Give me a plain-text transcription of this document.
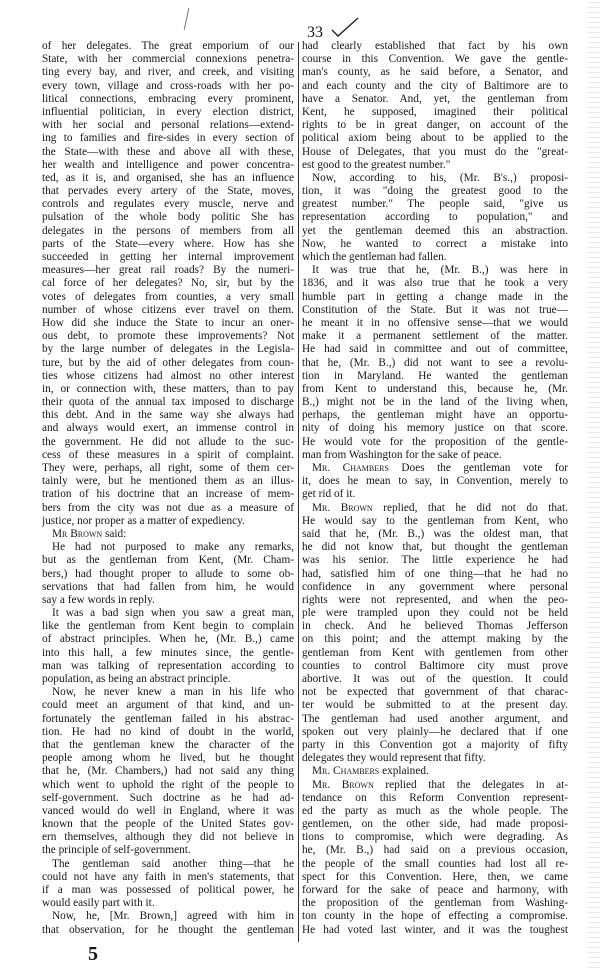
33
of her delegates. The great emporium of our
State, with her commercial connexions penetra-
ting every bay, and river, and creek, and visiting
every town, village and cross-roads with her po-
litical connections, embracing every prominent,
influential politician, in every election district,
with her social and personal relations—extend-
ing to families and fire-sides in every section of
the State—with these and above all with these,
her wealth and intelligence and power concentra-
ted, as it is, and organised, she has an influence
that pervades every artery of the State, moves,
controls and regulates every muscle, nerve and
pulsation of the whole body politic She has
delegates in the persons of members from all
parts of the State—every where. How has she
succeeded in getting her internal improvement
measures—her great rail roads? By the numeri-
cal force of her delegates? No, sir, but by the
votes of delegates from counties, a very small
number of whose citizens ever travel on them.
How did she induce the State to incur an oner-
ous debt, to promote these improvements? Not
by the large number of delegates in the Legisla-
ture, but by the aid of other delegates from coun-
ties whose citizens had almost no other interest
in, or connection with, these matters, than to pay
their quota of the annual tax imposed to discharge
this debt. And in the same way she always had
and always would exert, an immense control in
the government. He did not allude to the suc-
cess of these measures in a spirit of complaint.
They were, perhaps, all right, some of them cer-
tainly were, but he mentioned them as an illus-
tration of his doctrine that an increase of mem-
bers from the city was not due as a measure of
justice, nor proper as a matter of expediency.
Mr Brown said:
He had not purposed to make any remarks,
but as the gentleman from Kent, (Mr. Cham-
bers,) had thought proper to allude to some ob-
servations that had fallen from him, he would
say a few words in reply.
It was a bad sign when you saw a great man,
like the gentleman from Kent begin to complain
of abstract principles. When he, (Mr. B.,) came
into this hall, a few minutes since, the gentle-
man was talking of representation according to
population, as being an abstract principle.
Now, he never knew a man in his life who
could meet an argument of that kind, and un-
fortunately the gentleman failed in his abstrac-
tion. He had no kind of doubt in the world,
that the gentleman knew the character of the
people among whom he lived, but he thought
that he, (Mr. Chambers,) had not said any thing
which went to uphold the right of the people to
self-government. Such doctrine as he had ad-
vanced would do well in England, where it was
known that the people of the United States gov-
ern themselves, although they did not believe in
the principle of self-government.
The gentleman said another thing—that he
could not have any faith in men's statements, that
if a man was possessed of political power, he
would easily part with it.
Now, he, [Mr. Brown,] agreed with him in
that observation, for he thought the gentleman
had clearly established that fact by his own
course in this Convention. We gave the gentle-
man's county, as he said before, a Senator, and
and each county and the city of Baltimore are to
have a Senator. And, yet, the gentleman from
Kent, he supposed, imagined their political
rights to be in great danger, on account of the
political axiom being about to be applied to the
House of Delegates, that you must do the "great-
est good to the greatest number."
Now, according to his, (Mr. B's.,) proposi-
tion, it was "doing the greatest good to the
greatest number." The people said, "give us
representation according to population," and
yet the gentleman deemed this an abstraction.
Now, he wanted to correct a mistake into
which the gentleman had fallen.
It was true that he, (Mr. B.,) was here in
1836, and it was also true that he took a very
humble part in getting a change made in the
Constitution of the State. But it was not true—
he meant it in no offensive sense—that we would
make it a permanent settlement of the matter.
He had said in committee and out of committee,
that he, (Mr. B.,) did not want to see a revolu-
tion in Maryland. He wanted the gentleman
from Kent to understand this, because he, (Mr.
B.,) might not be in the land of the living when,
perhaps, the gentleman might have an opportu-
nity of doing his memory justice on that score.
He would vote for the proposition of the gentle-
man from Washington for the sake of peace.
Mr. Chambers Does the gentleman vote for
it, does he mean to say, in Convention, merely to
get rid of it.
Mr. Brown replied, that he did not do that.
He would say to the gentleman from Kent, who
said that he, (Mr. B.,) was the oldest man, that
he did not know that, but thought the gentleman
was his senior. The little experience he had
had, satisfied him of one thing—that he had no
confidence in any government where personal
rights were not represented, and when the peo-
ple were trampled upon they could not be held
in check. And he believed Thomas Jefferson
on this point; and the attempt making by the
gentleman from Kent with gentlemen from other
counties to control Baltimore city must prove
abortive. It was out of the question. It could
not be expected that government of that charac-
ter would be submitted to at the present day.
The gentleman had used another argument, and
spoken out very plainly—he declared that if one
party in this Convention got a majority of fifty
delegates they would represent that fifty.
Mr. Chambers explained.
Mr. Brown replied that the delegates in at-
tendance on this Reform Convention represent-
ed the party as much as the whole people. The
gentlemen, on the other side, had made proposi-
tions to compromise, which were degrading. As
he, (Mr. B.,) had said on a previous occasion,
the people of the small counties had lost all re-
spect for this Convention. Here, then, we came
forward for the sake of peace and harmony, with
the proposition of the gentleman from Washing-
ton county in the hope of effecting a compromise.
He had voted last winter, and it was the toughest
5
